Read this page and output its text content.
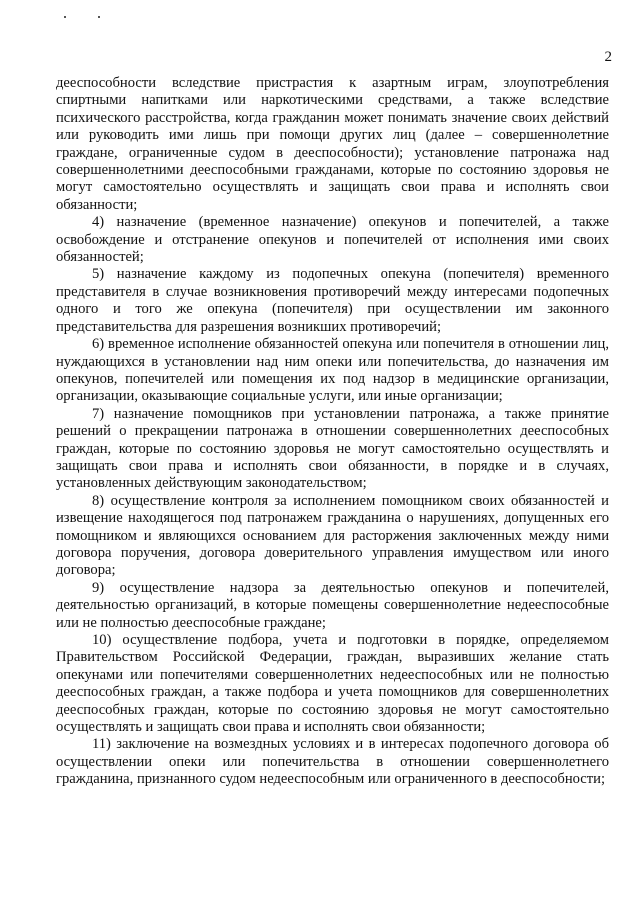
2

дееспособности вследствие пристрастия к азартным играм, злоупотребления спиртными напитками или наркотическими средствами, а также вследствие психического расстройства, когда гражданин может понимать значение своих действий или руководить ими лишь при помощи других лиц (далее – совершеннолетние граждане, ограниченные судом в дееспособности); установление патронажа над совершеннолетними дееспособными гражданами, которые по состоянию здоровья не могут самостоятельно осуществлять и защищать свои права и исполнять свои обязанности;

4) назначение (временное назначение) опекунов и попечителей, а также освобождение и отстранение опекунов и попечителей от исполнения ими своих обязанностей;

5) назначение каждому из подопечных опекуна (попечителя) временного представителя в случае возникновения противоречий между интересами подопечных одного и того же опекуна (попечителя) при осуществлении им законного представительства для разрешения возникших противоречий;

6) временное исполнение обязанностей опекуна или попечителя в отношении лиц, нуждающихся в установлении над ним опеки или попечительства, до назначения им опекунов, попечителей или помещения их под надзор в медицинские организации, организации, оказывающие социальные услуги, или иные организации;

7) назначение помощников при установлении патронажа, а также принятие решений о прекращении патронажа в отношении совершеннолетних дееспособных граждан, которые по состоянию здоровья не могут самостоятельно осуществлять и защищать свои права и исполнять свои обязанности, в порядке и в случаях, установленных действующим законодательством;

8) осуществление контроля за исполнением помощником своих обязанностей и извещение находящегося под патронажем гражданина о нарушениях, допущенных его помощником и являющихся основанием для расторжения заключенных между ними договора поручения, договора доверительного управления имуществом или иного договора;

9) осуществление надзора за деятельностью опекунов и попечителей, деятельностью организаций, в которые помещены совершеннолетние недееспособные или не полностью дееспособные граждане;

10) осуществление подбора, учета и подготовки в порядке, определяемом Правительством Российской Федерации, граждан, выразивших желание стать опекунами или попечителями совершеннолетних недееспособных или не полностью дееспособных граждан, а также подбора и учета помощников для совершеннолетних дееспособных граждан, которые по состоянию здоровья не могут самостоятельно осуществлять и защищать свои права и исполнять свои обязанности;

11) заключение на возмездных условиях и в интересах подопечного договора об осуществлении опеки или попечительства в отношении совершеннолетнего гражданина, признанного судом недееспособным или ограниченного в дееспособности;
